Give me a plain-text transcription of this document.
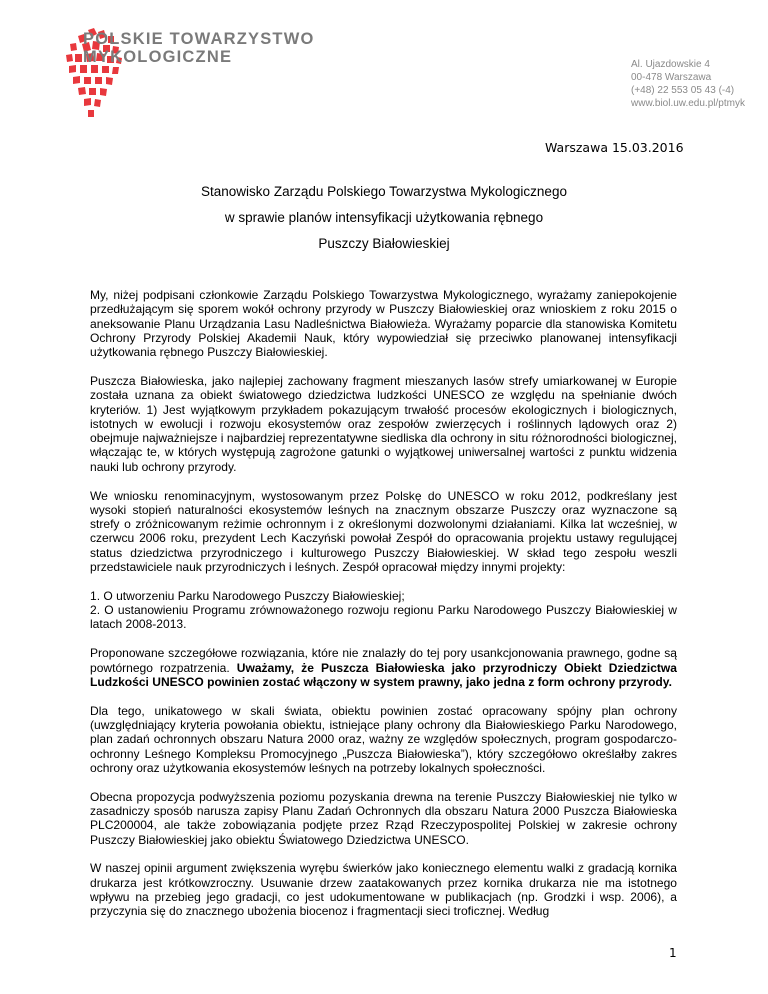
POLSKIE TOWARZYSTWO
MYKOLOGICZNE	Al. Ujazdowskie 4
00-478 Warszawa
(+48) 22 553 05 43 (-4)
www.biol.uw.edu.pl/ptmyk
Warszawa 15.03.2016
Stanowisko Zarządu Polskiego Towarzystwa Mykologicznego
w sprawie planów intensyfikacji użytkowania rębnego
Puszczy Białowieskiej

My, niżej podpisani członkowie Zarządu Polskiego Towarzystwa Mykologicznego, wyrażamy zaniepokojenie przedłużającym się sporem wokół ochrony przyrody w Puszczy Białowieskiej oraz wnioskiem z roku 2015 o aneksowanie Planu Urządzania Lasu Nadleśnictwa Białowieża. Wyrażamy poparcie dla stanowiska Komitetu Ochrony Przyrody Polskiej Akademii Nauk, który wypowiedział się przeciwko planowanej intensyfikacji użytkowania rębnego Puszczy Białowieskiej.

Puszcza Białowieska, jako najlepiej zachowany fragment mieszanych lasów strefy umiarkowanej w Europie została uznana za obiekt światowego dziedzictwa ludzkości UNESCO ze względu na spełnianie dwóch kryteriów. 1) Jest wyjątkowym przykładem pokazującym trwałość procesów ekologicznych i biologicznych, istotnych w ewolucji i rozwoju ekosystemów oraz zespołów zwierzęcych i roślinnych lądowych oraz 2) obejmuje najważniejsze i najbardziej reprezentatywne siedliska dla ochrony in situ różnorodności biologicznej, włączając te, w których występują zagrożone gatunki o wyjątkowej uniwersalnej wartości z punktu widzenia nauki lub ochrony przyrody.

We wniosku renominacyjnym, wystosowanym przez Polskę do UNESCO w roku 2012, podkreślany jest wysoki stopień naturalności ekosystemów leśnych na znacznym obszarze Puszczy oraz wyznaczone są strefy o zróżnicowanym reżimie ochronnym i z określonymi dozwolonymi działaniami. Kilka lat wcześniej, w czerwcu 2006 roku, prezydent Lech Kaczyński powołał Zespół do opracowania projektu ustawy regulującej status dziedzictwa przyrodniczego i kulturowego Puszczy Białowieskiej. W skład tego zespołu weszli przedstawiciele nauk przyrodniczych i leśnych. Zespół opracował między innymi projekty:

1. O utworzeniu Parku Narodowego Puszczy Białowieskiej;
2. O ustanowieniu Programu zrównoważonego rozwoju regionu Parku Narodowego Puszczy Białowieskiej w latach 2008-2013.

Proponowane szczegółowe rozwiązania, które nie znalazły do tej pory usankcjonowania prawnego, godne są powtórnego rozpatrzenia. Uważamy, że Puszcza Białowieska jako przyrodniczy Obiekt Dziedzictwa Ludzkości UNESCO powinien zostać włączony w system prawny, jako jedna z form ochrony przyrody.

Dla tego, unikatowego w skali świata, obiektu powinien zostać opracowany spójny plan ochrony (uwzględniający kryteria powołania obiektu, istniejące plany ochrony dla Białowieskiego Parku Narodowego, plan zadań ochronnych obszaru Natura 2000 oraz, ważny ze względów społecznych, program gospodarczo-ochronny Leśnego Kompleksu Promocyjnego „Puszcza Białowieska”), który szczegółowo określałby zakres ochrony oraz użytkowania ekosystemów leśnych na potrzeby lokalnych społeczności.

Obecna propozycja podwyższenia poziomu pozyskania drewna na terenie Puszczy Białowieskiej nie tylko w zasadniczy sposób narusza zapisy Planu Zadań Ochronnych dla obszaru Natura 2000 Puszcza Białowieska PLC200004, ale także zobowiązania podjęte przez Rząd Rzeczypospolitej Polskiej w zakresie ochrony Puszczy Białowieskiej jako obiektu Światowego Dziedzictwa UNESCO.

W naszej opinii argument zwiększenia wyrębu świerków jako koniecznego elementu walki z gradacją kornika drukarza jest krótkowzroczny. Usuwanie drzew zaatakowanych przez kornika drukarza nie ma istotnego wpływu na przebieg jego gradacji, co jest udokumentowane w publikacjach (np. Grodzki i wsp. 2006), a przyczynia się do znacznego ubożenia biocenoz i fragmentacji sieci troficznej. Według

1
